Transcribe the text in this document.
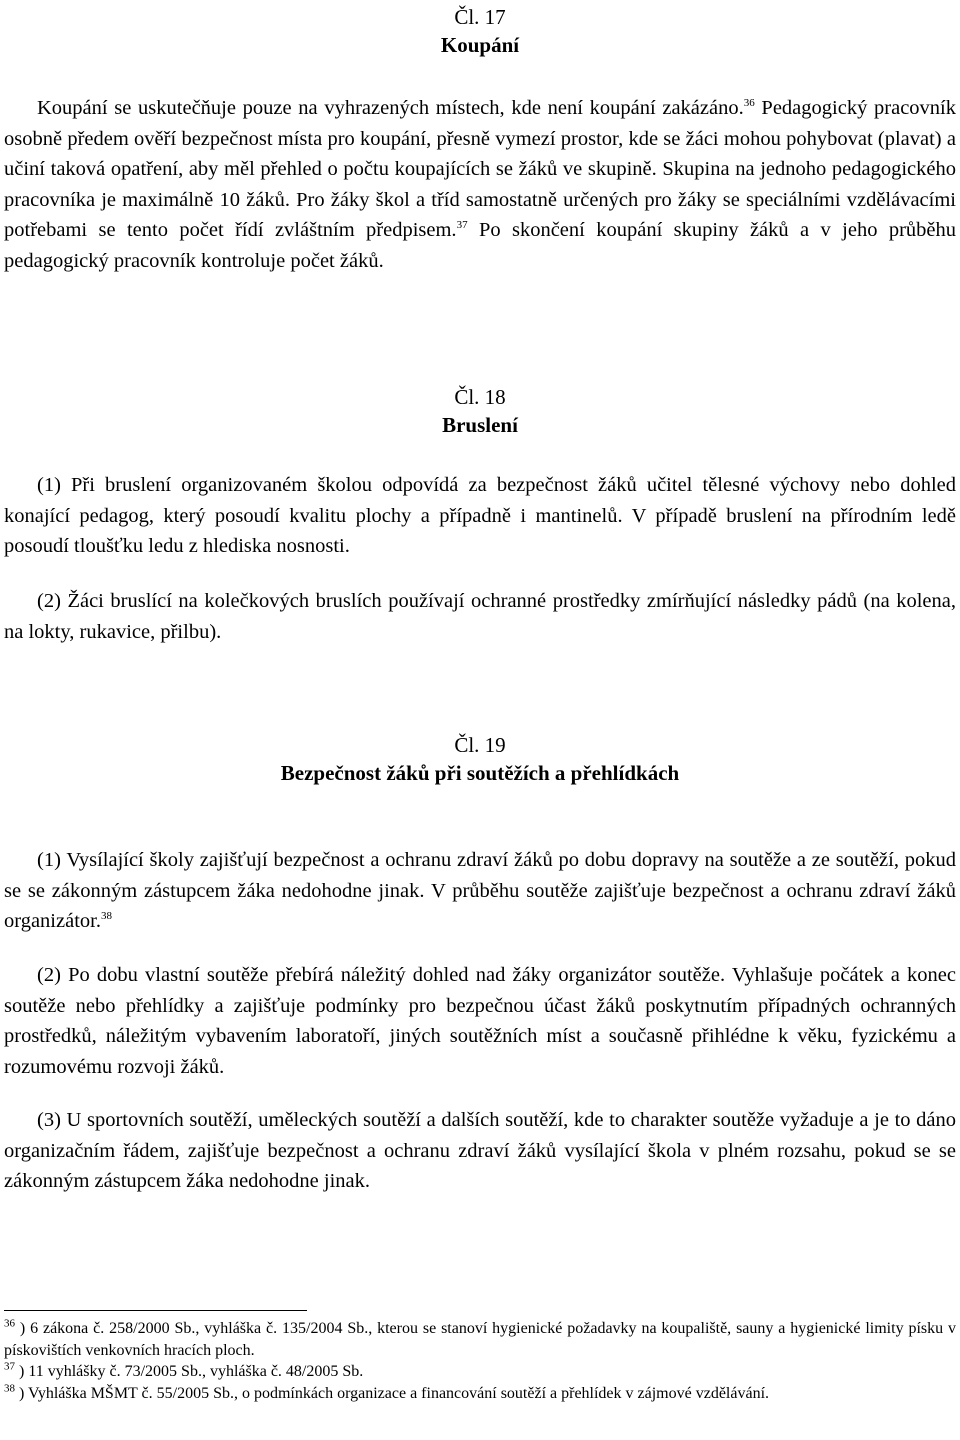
Čl. 17
Koupání

Koupání se uskutečňuje pouze na vyhrazených místech, kde není koupání zakázáno.$^{36}$ Pedagogický pracovník osobně předem ověří bezpečnost místa pro koupání, přesně vymezí prostor, kde se žáci mohou pohybovat (plavat) a učiní taková opatření, aby měl přehled o počtu koupajících se žáků ve skupině. Skupina na jednoho pedagogického pracovníka je maximálně 10 žáků. Pro žáky škol a tříd samostatně určených pro žáky se speciálními vzdělávacími potřebami se tento počet řídí zvláštním předpisem.$^{37}$ Po skončení koupání skupiny žáků a v jeho průběhu pedagogický pracovník kontroluje počet žáků.

Čl. 18
Bruslení

(1) Při bruslení organizovaném školou odpovídá za bezpečnost žáků učitel tělesné výchovy nebo dohled konající pedagog, který posoudí kvalitu plochy a případně i mantinelů. V případě bruslení na přírodním ledě posoudí tloušťku ledu z hlediska nosnosti.

(2) Žáci bruslící na kolečkových bruslích používají ochranné prostředky zmírňující následky pádů (na kolena, na lokty, rukavice, přilbu).

Čl. 19
Bezpečnost žáků při soutěžích a přehlídkách

(1) Vysílající školy zajišťují bezpečnost a ochranu zdraví žáků po dobu dopravy na soutěže a ze soutěží, pokud se se zákonným zástupcem žáka nedohodne jinak. V průběhu soutěže zajišťuje bezpečnost a ochranu zdraví žáků organizátor.$^{38}$

(2) Po dobu vlastní soutěže přebírá náležitý dohled nad žáky organizátor soutěže. Vyhlašuje počátek a konec soutěže nebo přehlídky a zajišťuje podmínky pro bezpečnou účast žáků poskytnutím případných ochranných prostředků, náležitým vybavením laboratoří, jiných soutěžních míst a současně přihlédne k věku, fyzickému a rozumovému rozvoji žáků.

(3) U sportovních soutěží, uměleckých soutěží a dalších soutěží, kde to charakter soutěže vyžaduje a je to dáno organizačním řádem, zajišťuje bezpečnost a ochranu zdraví žáků vysílající škola v plném rozsahu, pokud se se zákonným zástupcem žáka nedohodne jinak.

$^{36}$ ) 6 zákona č. 258/2000 Sb., vyhláška č. 135/2004 Sb., kterou se stanoví hygienické požadavky na koupaliště, sauny a hygienické limity písku v pískovištích venkovních hracích ploch.
$^{37}$ ) 11 vyhlášky č. 73/2005 Sb., vyhláška č. 48/2005 Sb.
$^{38}$ ) Vyhláška MŠMT č. 55/2005 Sb., o podmínkách organizace a financování soutěží a přehlídek v zájmové vzdělávání.
